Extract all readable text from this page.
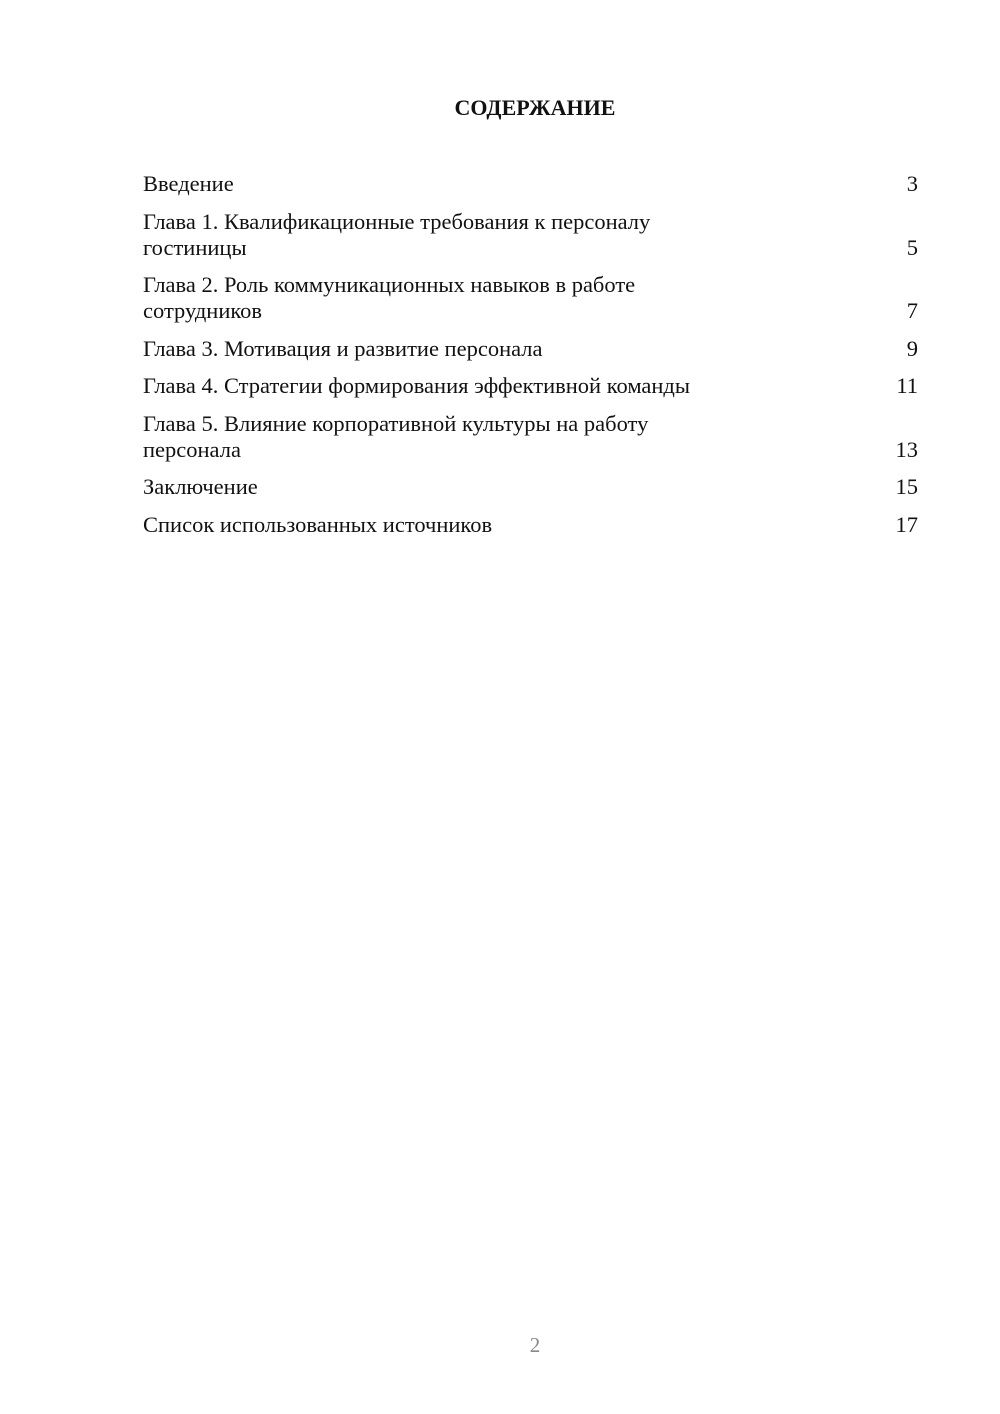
СОДЕРЖАНИЕ
Введение	3
Глава 1. Квалификационные требования к персоналу
гостиницы	5
Глава 2. Роль коммуникационных навыков в работе
сотрудников	7
Глава 3. Мотивация и развитие персонала	9
Глава 4. Стратегии формирования эффективной команды	11
Глава 5. Влияние корпоративной культуры на работу
персонала	13
Заключение	15
Список использованных источников	17
2
